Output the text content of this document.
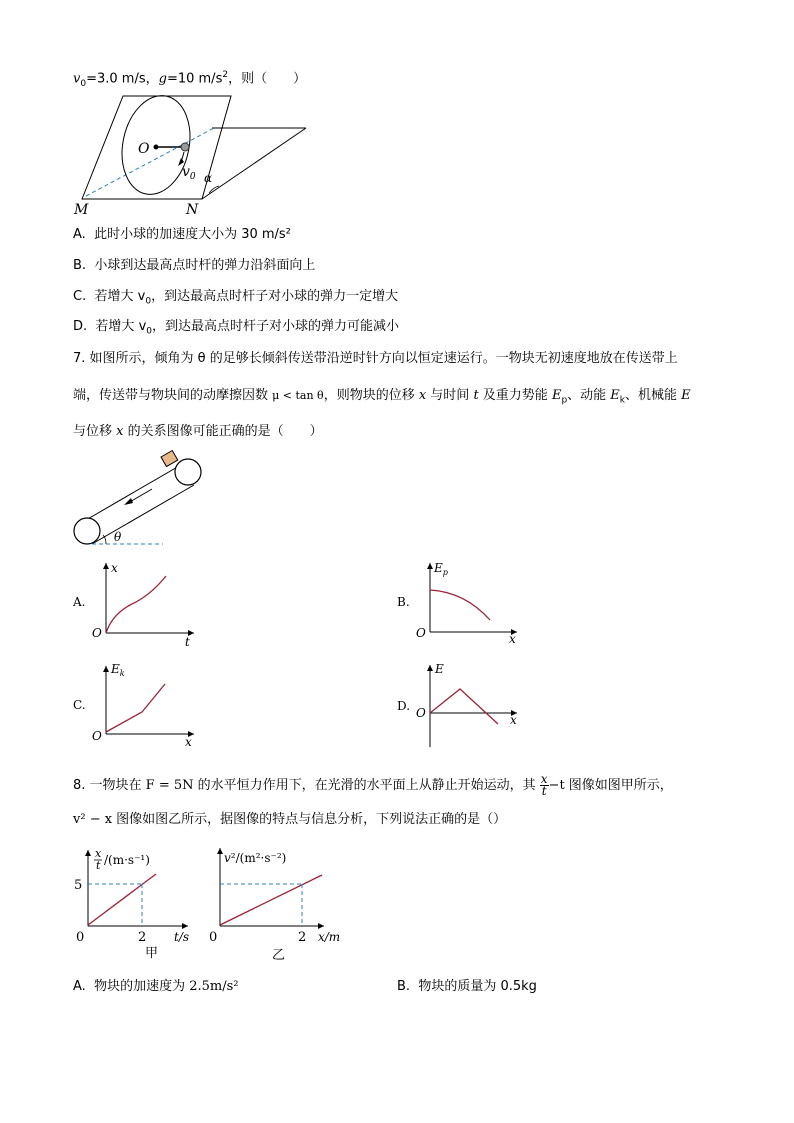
$v_0=3.0$ m/s，g=10 $m/s^2$，则（　　）
O
$v_0$ α
M	N
A. 此时小球的加速度大小为 30 m/s²
B. 小球到达最高点时杆的弹力沿斜面向上
C. 若增大 $v_0$，到达最高点时杆子对小球的弹力一定增大
D. 若增大 $v_0$，到达最高点时杆子对小球的弹力可能减小
7. 如图所示，倾角为 θ 的足够长倾斜传送带沿逆时针方向以恒定速运行。一物块无初速度地放在传送带上
端，传送带与物块间的动摩擦因数 μ < tan θ，则物块的位移 x 与时间 t 及重力势能 $E_p$、动能 $E_k$、机械能 E
与位移 x 的关系图像可能正确的是（　　）
θ
A.
x
t
O
B.
$E_p$
x
O
C.
$E_k$
x
O
D.
E
x
O
8. 一物块在 F = 5N 的水平恒力作用下，在光滑的水平面上从静止开始运动，其 $\frac{x}{t} -t$ 图像如图甲所示，
v² − x 图像如图乙所示，据图像的特点与信息分析，下列说法正确的是（）
x
t /(m·s⁻¹)
5
2
0	t/s
甲
v²/(m²·s⁻²)
2
0	x/m
乙
A. 物块的加速度为 2.5m/s²	B. 物块的质量为 0.5kg
